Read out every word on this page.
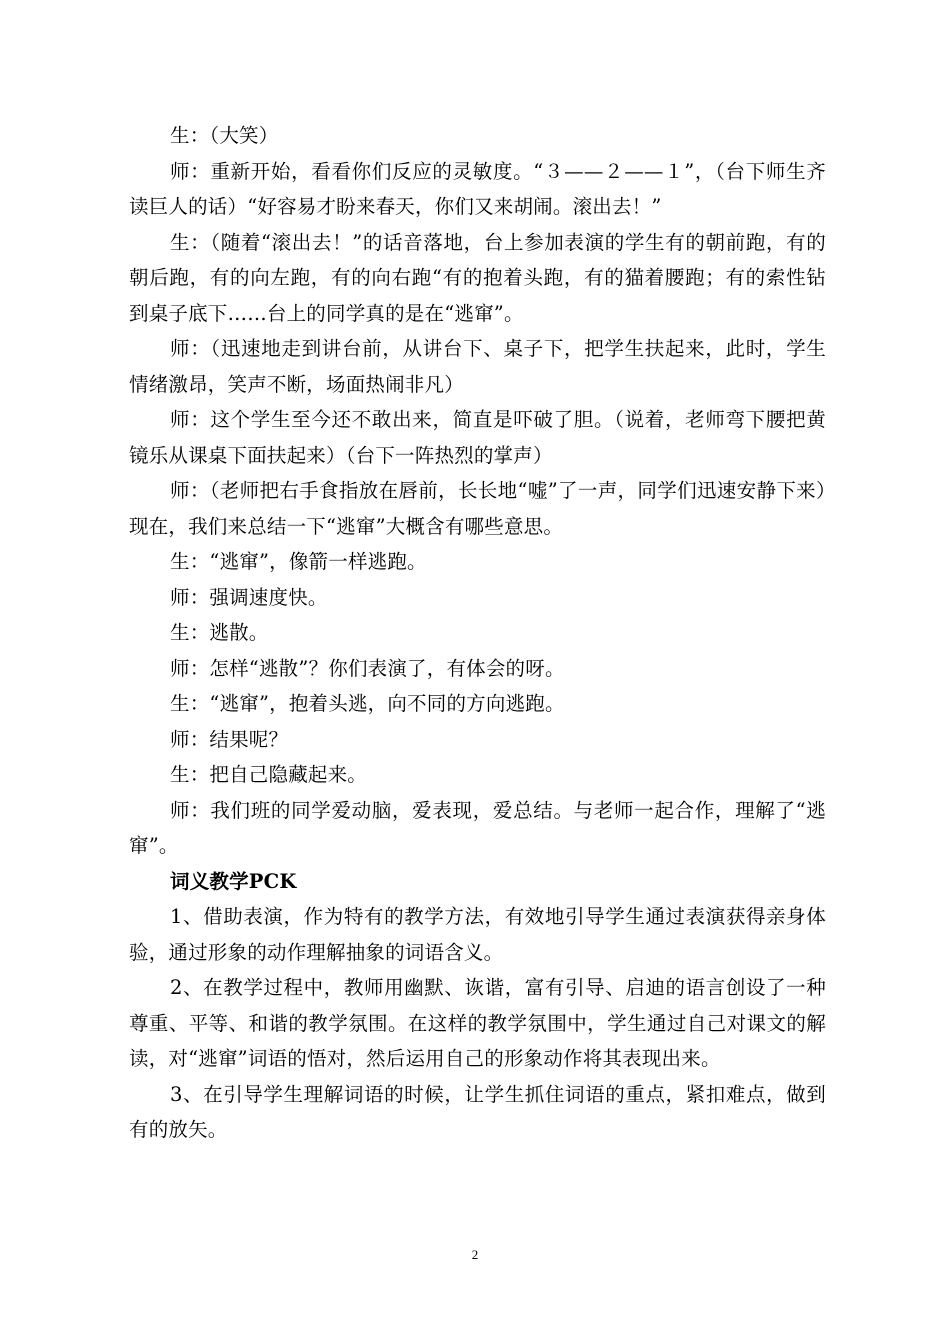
生：（大笑）

师：重新开始，看看你们反应的灵敏度。“３——２——１”，（台下师生齐读巨人的话）“好容易才盼来春天，你们又来胡闹。滚出去！”

生：（随着“滚出去！”的话音落地，台上参加表演的学生有的朝前跑，有的朝后跑，有的向左跑，有的向右跑“有的抱着头跑，有的猫着腰跑；有的索性钻到桌子底下……台上的同学真的是在“逃窜”。

师：（迅速地走到讲台前，从讲台下、桌子下，把学生扶起来，此时，学生情绪激昂，笑声不断，场面热闹非凡）

师：这个学生至今还不敢出来，简直是吓破了胆。（说着，老师弯下腰把黄镜乐从课桌下面扶起来）（台下一阵热烈的掌声）

师：（老师把右手食指放在唇前，长长地“嘘”了一声，同学们迅速安静下来）现在，我们来总结一下“逃窜”大概含有哪些意思。

生：“逃窜”，像箭一样逃跑。

师：强调速度快。

生：逃散。

师：怎样“逃散”？你们表演了，有体会的呀。

生：“逃窜”，抱着头逃，向不同的方向逃跑。

师：结果呢？

生：把自己隐藏起来。

师：我们班的同学爱动脑，爱表现，爱总结。与老师一起合作，理解了“逃窜”。

词义教学PCK

1、借助表演，作为特有的教学方法，有效地引导学生通过表演获得亲身体验，通过形象的动作理解抽象的词语含义。

2、在教学过程中，教师用幽默、诙谐，富有引导、启迪的语言创设了一种尊重、平等、和谐的教学氛围。在这样的教学氛围中，学生通过自己对课文的解读，对“逃窜”词语的悟对，然后运用自己的形象动作将其表现出来。

3、在引导学生理解词语的时候，让学生抓住词语的重点，紧扣难点，做到有的放矢。

2
